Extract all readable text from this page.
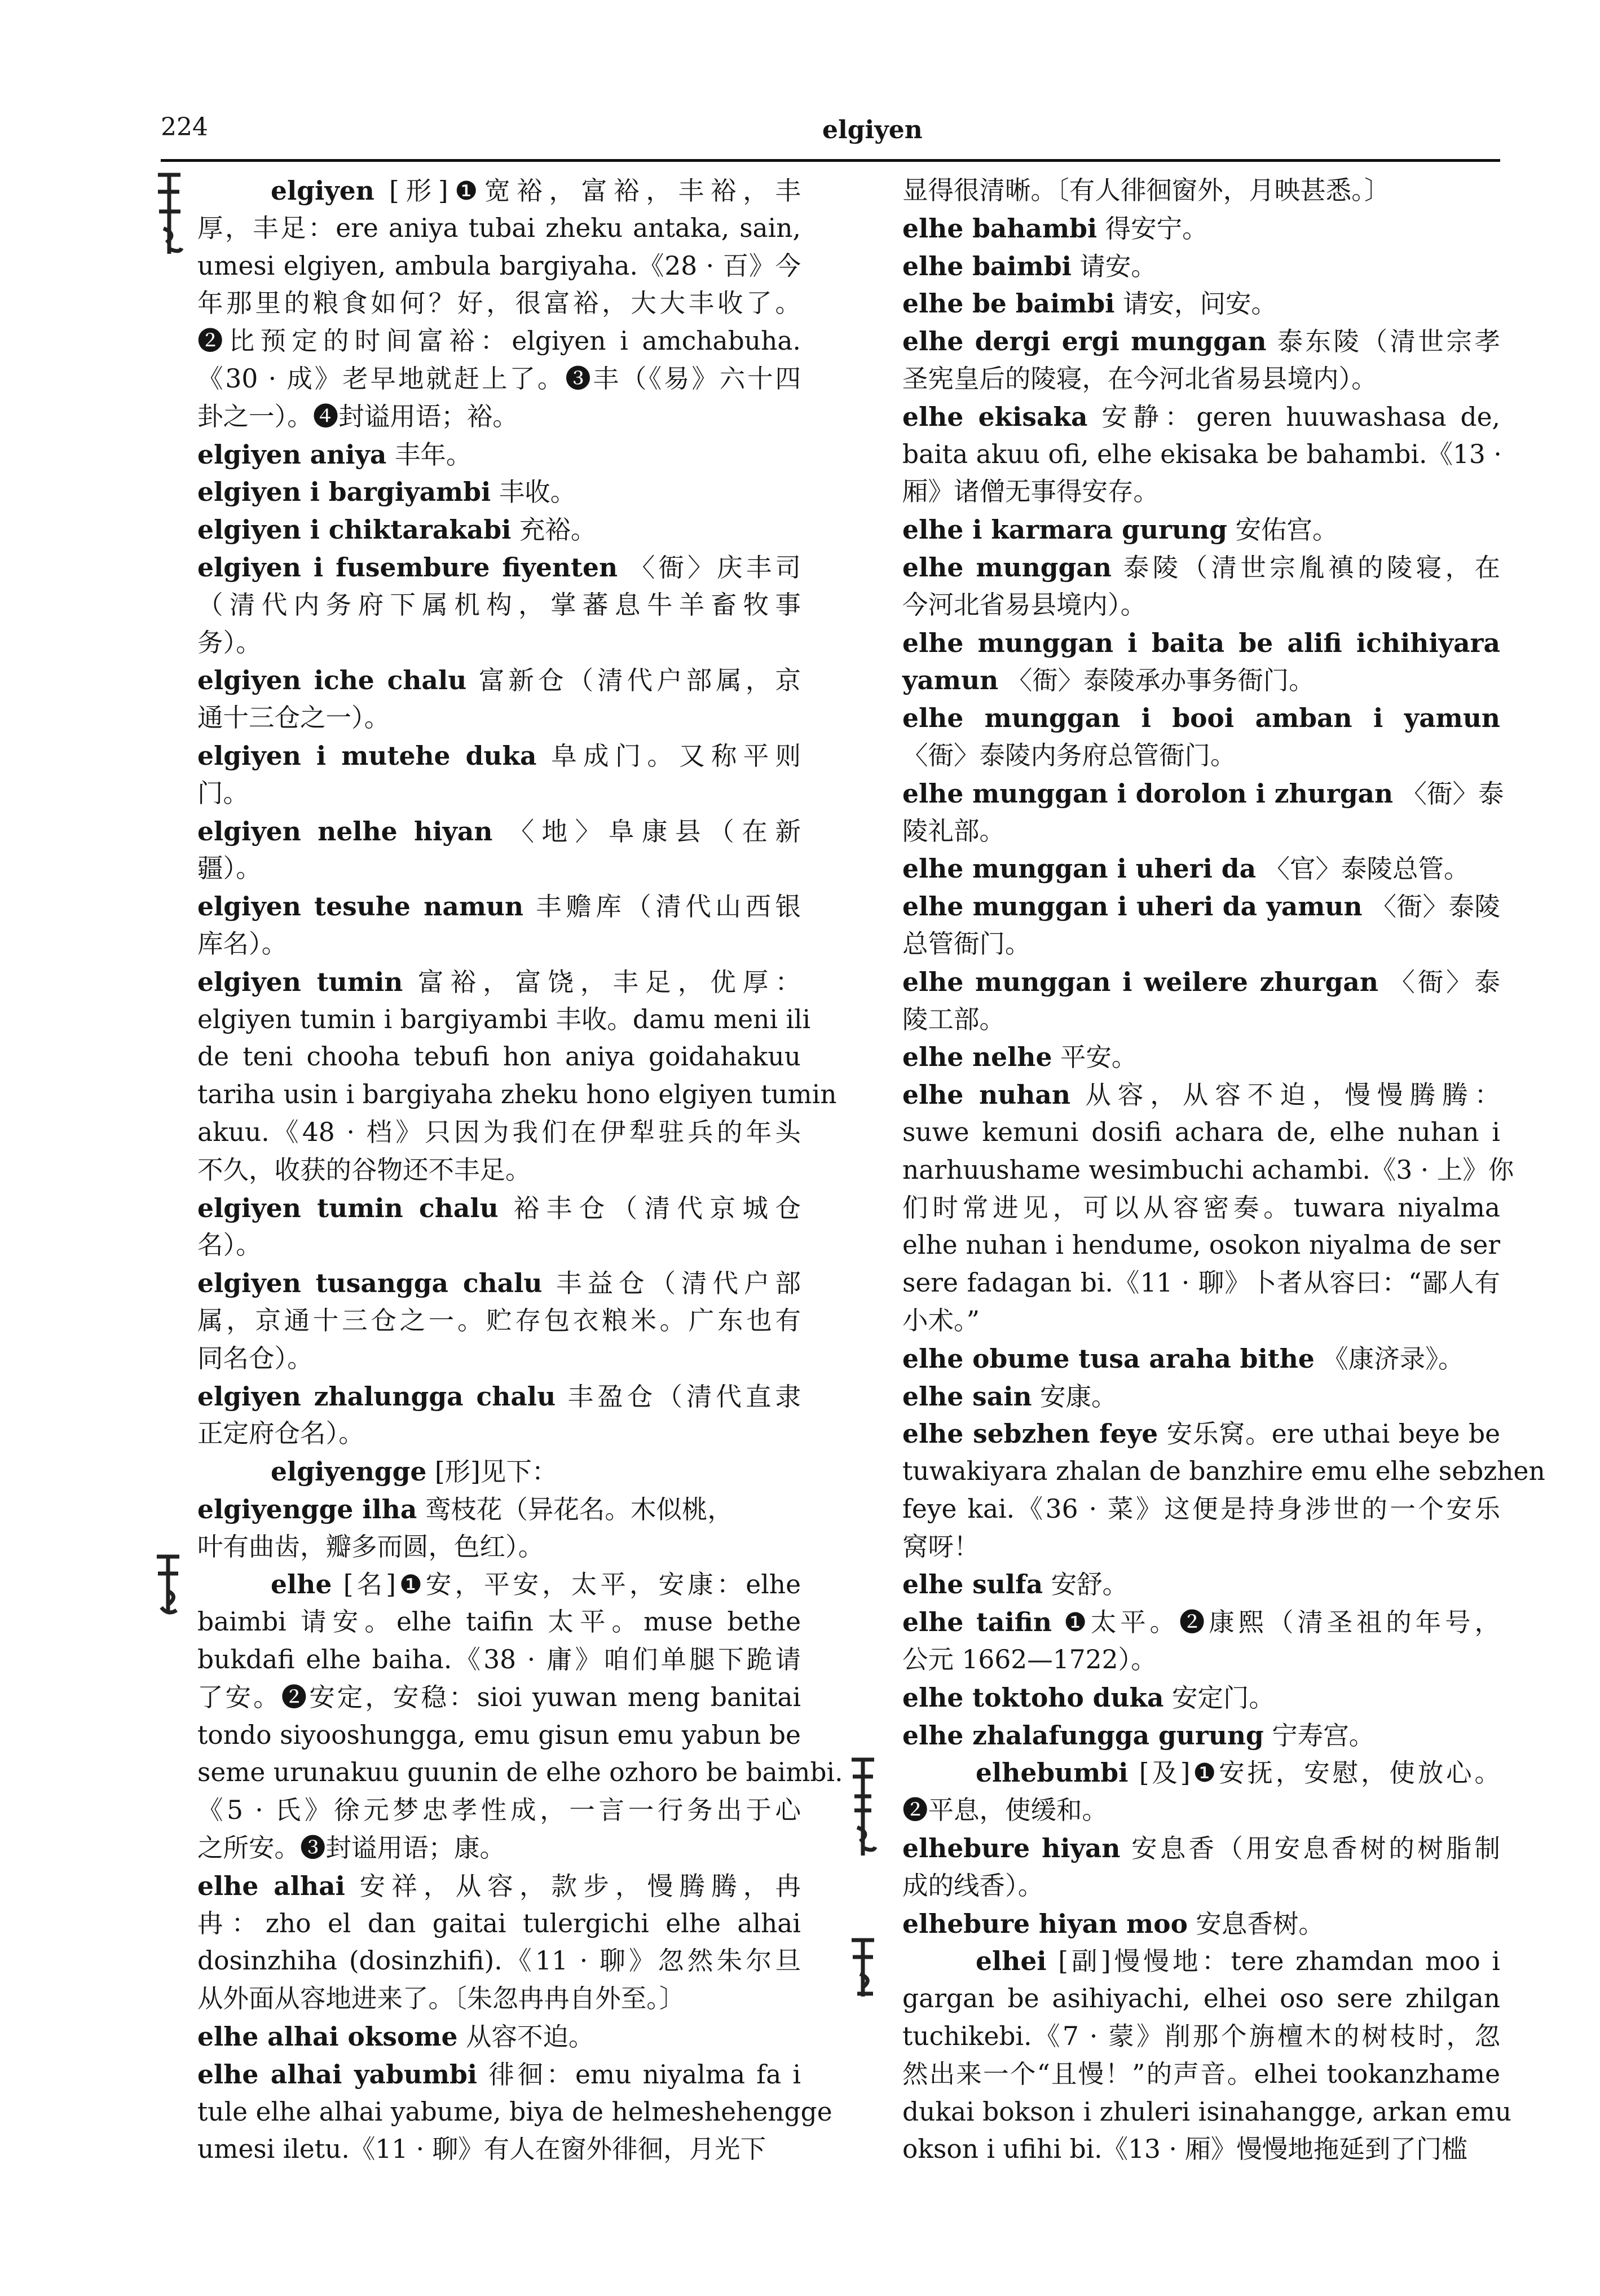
224	elgiyen
elgiyen [形]❶宽裕，富裕，丰裕，丰
厚，丰足：ere aniya tubai zheku antaka, sain,
umesi elgiyen, ambula bargiyaha.《28 · 百》今
年那里的粮食如何？好，很富裕，大大丰收了。
❷比预定的时间富裕：elgiyen i amchabuha.
《30 · 成》老早地就赶上了。❸丰（《易》六十四
卦之一）。❹封谥用语；裕。
elgiyen aniya 丰年。
elgiyen i bargiyambi 丰收。
elgiyen i chiktarakabi 充裕。
elgiyen i fusembure fiyenten 〈衙〉庆丰司
（清代内务府下属机构，掌蕃息牛羊畜牧事
务）。
elgiyen iche chalu 富新仓（清代户部属，京
通十三仓之一）。
elgiyen i mutehe duka 阜成门。又称平则
门。
elgiyen nelhe hiyan 〈地〉阜康县（在新
疆）。
elgiyen tesuhe namun 丰赡库（清代山西银
库名）。
elgiyen tumin 富裕，富饶，丰足，优厚：
elgiyen tumin i bargiyambi 丰收。damu meni ili
de teni chooha tebufi hon aniya goidahakuu
tariha usin i bargiyaha zheku hono elgiyen tumin
akuu.《48 · 档》只因为我们在伊犁驻兵的年头
不久，收获的谷物还不丰足。
elgiyen tumin chalu 裕丰仓（清代京城仓
名）。
elgiyen tusangga chalu 丰益仓（清代户部
属，京通十三仓之一。贮存包衣粮米。广东也有
同名仓）。
elgiyen zhalungga chalu 丰盈仓（清代直隶
正定府仓名）。
elgiyengge [形]见下：
elgiyengge ilha 鸾枝花（异花名。木似桃，
叶有曲齿，瓣多而圆，色红）。
elhe [名]❶安，平安，太平，安康：elhe
baimbi 请安。elhe taifin 太平。muse bethe
bukdafi elhe baiha.《38 · 庸》咱们单腿下跪请
了安。❷安定，安稳：sioi yuwan meng banitai
tondo siyooshungga, emu gisun emu yabun be
seme urunakuu guunin de elhe ozhoro be baimbi.
《5 · 氏》徐元梦忠孝性成，一言一行务出于心
之所安。❸封谥用语；康。
elhe alhai 安祥，从容，款步，慢腾腾，冉
冉：zho el dan gaitai tulergichi elhe alhai
dosinzhiha (dosinzhifi).《11 · 聊》忽然朱尔旦
从外面从容地进来了。〔朱忽冉冉自外至。〕
elhe alhai oksome 从容不迫。
elhe alhai yabumbi 徘徊：emu niyalma fa i
tule elhe alhai yabume, biya de helmeshehengge
umesi iletu.《11 · 聊》有人在窗外徘徊，月光下
显得很清晰。〔有人徘徊窗外，月映甚悉。〕
elhe bahambi 得安宁。
elhe baimbi 请安。
elhe be baimbi 请安，问安。
elhe dergi ergi munggan 泰东陵（清世宗孝
圣宪皇后的陵寝，在今河北省易县境内）。
elhe ekisaka 安静：geren huuwashasa de,
baita akuu ofi, elhe ekisaka be bahambi.《13 ·
厢》诸僧无事得安存。
elhe i karmara gurung 安佑宫。
elhe munggan 泰陵（清世宗胤禛的陵寝，在
今河北省易县境内）。
elhe munggan i baita be alifi ichihiyara
yamun 〈衙〉泰陵承办事务衙门。
elhe munggan i booi amban i yamun
〈衙〉泰陵内务府总管衙门。
elhe munggan i dorolon i zhurgan 〈衙〉泰
陵礼部。
elhe munggan i uheri da 〈官〉泰陵总管。
elhe munggan i uheri da yamun 〈衙〉泰陵
总管衙门。
elhe munggan i weilere zhurgan 〈衙〉泰
陵工部。
elhe nelhe 平安。
elhe nuhan 从容，从容不迫，慢慢腾腾：
suwe kemuni dosifi achara de, elhe nuhan i
narhuushame wesimbuchi achambi.《3 · 上》你
们时常进见，可以从容密奏。tuwara niyalma
elhe nuhan i hendume, osokon niyalma de ser
sere fadagan bi.《11 · 聊》卜者从容曰：“鄙人有
小术。”
elhe obume tusa araha bithe 《康济录》。
elhe sain 安康。
elhe sebzhen feye 安乐窝。ere uthai beye be
tuwakiyara zhalan de banzhire emu elhe sebzhen
feye kai.《36 · 菜》这便是持身涉世的一个安乐
窝呀！
elhe sulfa 安舒。
elhe taifin ❶太平。❷康熙（清圣祖的年号，
公元 1662—1722）。
elhe toktoho duka 安定门。
elhe zhalafungga gurung 宁寿宫。
elhebumbi [及]❶安抚，安慰，使放心。
❷平息，使缓和。
elhebure hiyan 安息香（用安息香树的树脂制
成的线香）。
elhebure hiyan moo 安息香树。
elhei [副]慢慢地：tere zhamdan moo i
gargan be asihiyachi, elhei oso sere zhilgan
tuchikebi.《7 · 蒙》削那个旃檀木的树枝时，忽
然出来一个“且慢！”的声音。elhei tookanzhame
dukai bokson i zhuleri isinahangge, arkan emu
okson i ufihi bi.《13 · 厢》慢慢地拖延到了门槛
